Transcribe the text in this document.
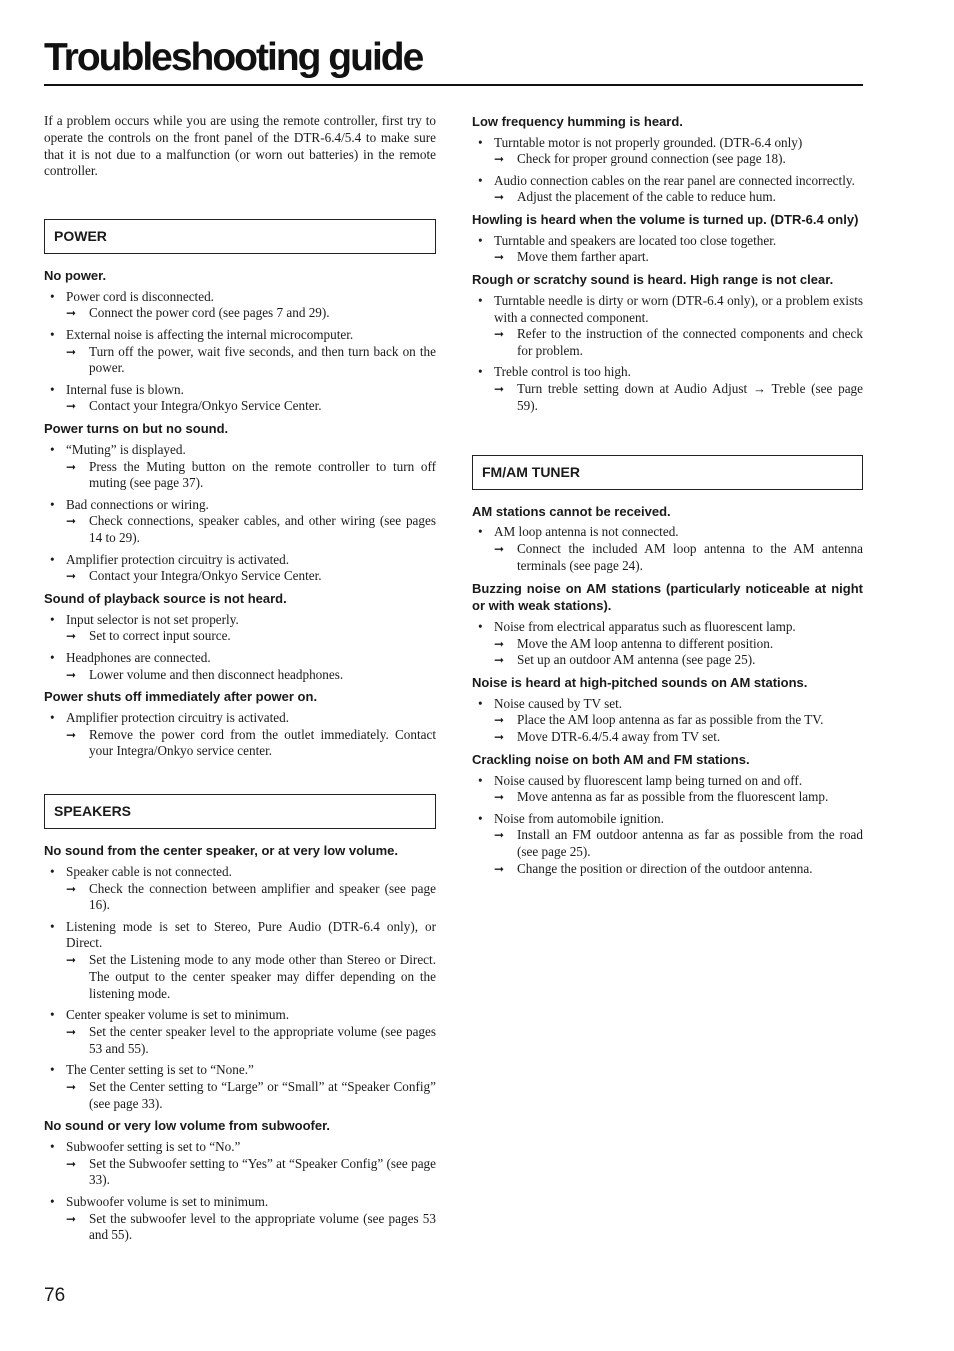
Troubleshooting guide

If a problem occurs while you are using the remote controller, first try to operate the controls on the front panel of the DTR-6.4/5.4 to make sure that it is not due to a malfunction (or worn out batteries) in the remote controller.

POWER
No power.
• Power cord is disconnected.
➞ Connect the power cord (see pages 7 and 29).
• External noise is affecting the internal microcomputer.
➞ Turn off the power, wait five seconds, and then turn back on the power.
• Internal fuse is blown.
➞ Contact your Integra/Onkyo Service Center.
Power turns on but no sound.
• “Muting” is displayed.
➞ Press the Muting button on the remote controller to turn off muting (see page 37).
• Bad connections or wiring.
➞ Check connections, speaker cables, and other wiring (see pages 14 to 29).
• Amplifier protection circuitry is activated.
➞ Contact your Integra/Onkyo Service Center.
Sound of playback source is not heard.
• Input selector is not set properly.
➞ Set to correct input source.
• Headphones are connected.
➞ Lower volume and then disconnect headphones.
Power shuts off immediately after power on.
• Amplifier protection circuitry is activated.
➞ Remove the power cord from the outlet immediately. Contact your Integra/Onkyo service center.
SPEAKERS
No sound from the center speaker, or at very low volume.
• Speaker cable is not connected.
➞ Check the connection between amplifier and speaker (see page 16).
• Listening mode is set to Stereo, Pure Audio (DTR-6.4 only), or Direct.
➞ Set the Listening mode to any mode other than Stereo or Direct. The output to the center speaker may differ depending on the listening mode.
• Center speaker volume is set to minimum.
➞ Set the center speaker level to the appropriate volume (see pages 53 and 55).
• The Center setting is set to “None.”
➞ Set the Center setting to “Large” or “Small” at “Speaker Config” (see page 33).
No sound or very low volume from subwoofer.
• Subwoofer setting is set to “No.”
➞ Set the Subwoofer setting to “Yes” at “Speaker Config” (see page 33).
• Subwoofer volume is set to minimum.
➞ Set the subwoofer level to the appropriate volume (see pages 53 and 55).
Low frequency humming is heard.
• Turntable motor is not properly grounded. (DTR-6.4 only)
➞ Check for proper ground connection (see page 18).
• Audio connection cables on the rear panel are connected incorrectly.
➞ Adjust the placement of the cable to reduce hum.
Howling is heard when the volume is turned up. (DTR-6.4 only)
• Turntable and speakers are located too close together.
➞ Move them farther apart.
Rough or scratchy sound is heard. High range is not clear.
• Turntable needle is dirty or worn (DTR-6.4 only), or a problem exists with a connected component.
➞ Refer to the instruction of the connected components and check for problem.
• Treble control is too high.
➞ Turn treble setting down at Audio Adjust → Treble (see page 59).
FM/AM TUNER
AM stations cannot be received.
• AM loop antenna is not connected.
➞ Connect the included AM loop antenna to the AM antenna terminals (see page 24).
Buzzing noise on AM stations (particularly noticeable at night or with weak stations).
• Noise from electrical apparatus such as fluorescent lamp.
➞ Move the AM loop antenna to different position.
➞ Set up an outdoor AM antenna (see page 25).
Noise is heard at high-pitched sounds on AM stations.
• Noise caused by TV set.
➞ Place the AM loop antenna as far as possible from the TV.
➞ Move DTR-6.4/5.4 away from TV set.
Crackling noise on both AM and FM stations.
• Noise caused by fluorescent lamp being turned on and off.
➞ Move antenna as far as possible from the fluorescent lamp.
• Noise from automobile ignition.
➞ Install an FM outdoor antenna as far as possible from the road (see page 25).
➞ Change the position or direction of the outdoor antenna.
76
